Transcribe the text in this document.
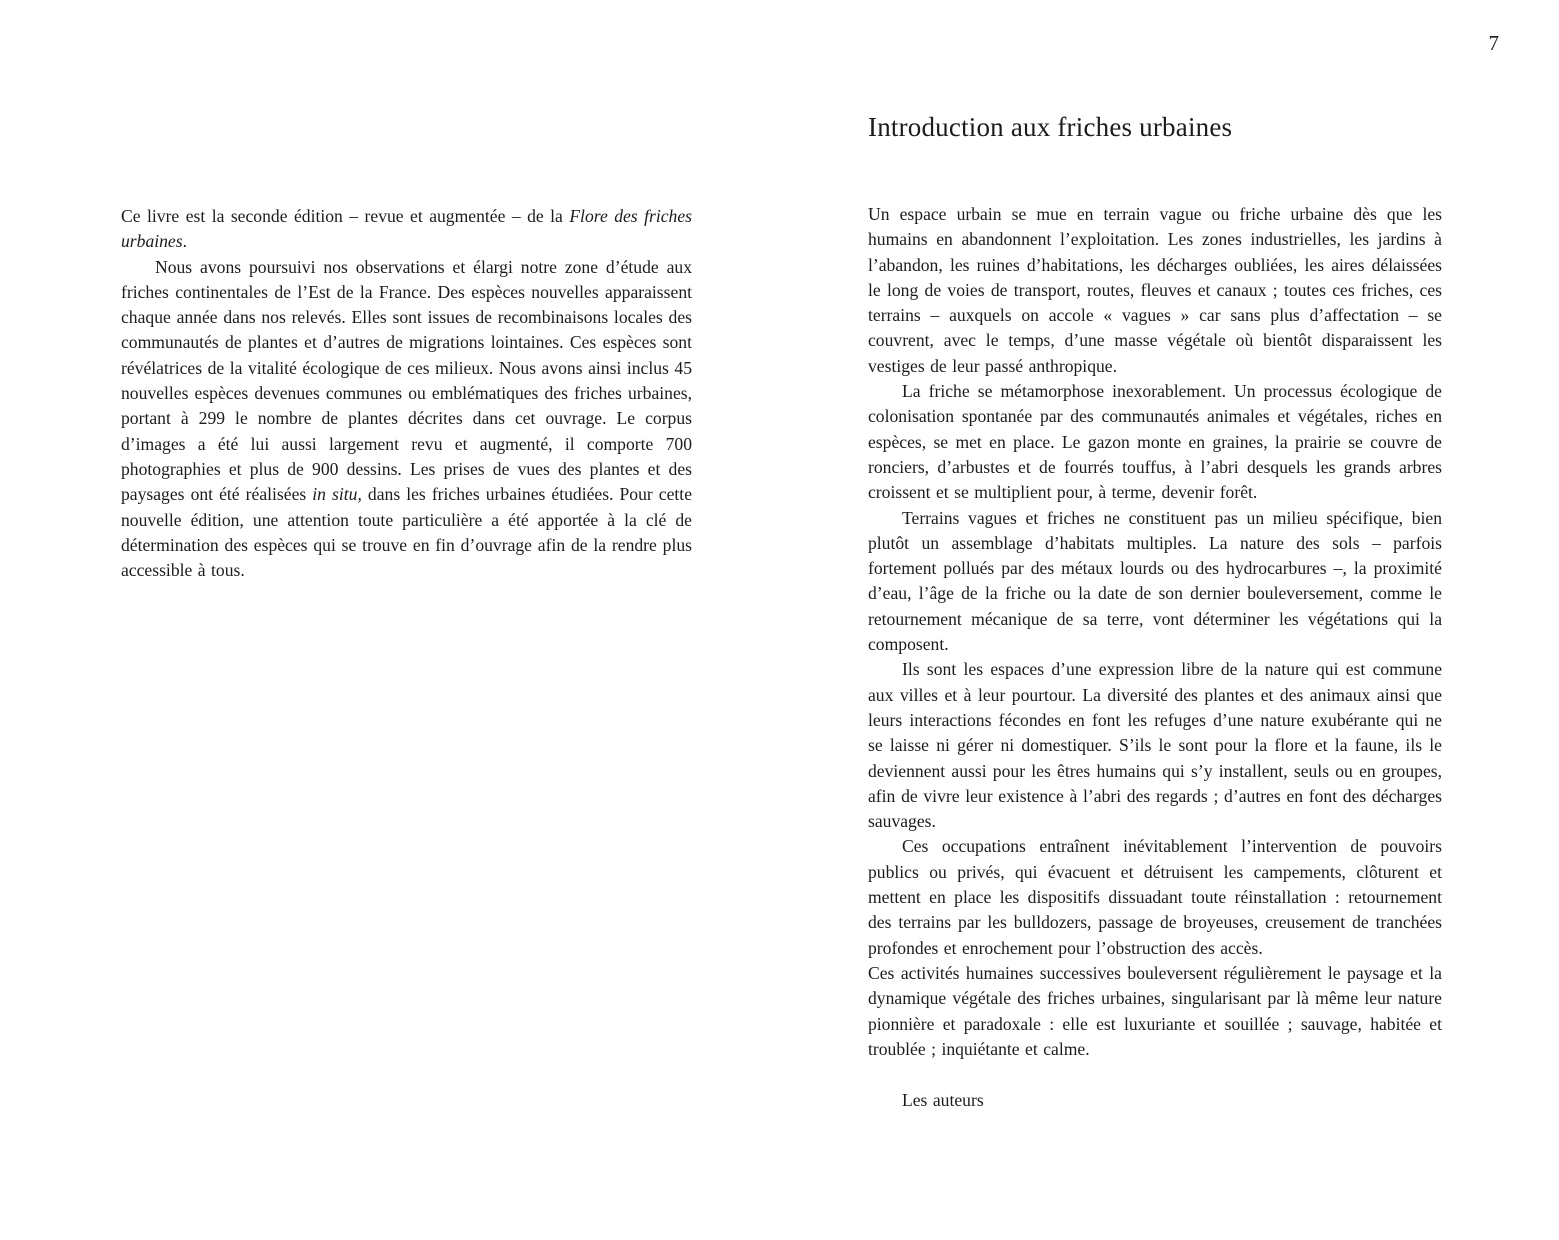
7

Ce livre est la seconde édition – revue et augmentée – de la Flore des friches urbaines.

Nous avons poursuivi nos observations et élargi notre zone d’étude aux friches continentales de l’Est de la France. Des espèces nouvelles apparaissent chaque année dans nos relevés. Elles sont issues de recombinaisons locales des communautés de plantes et d’autres de migrations lointaines. Ces espèces sont révélatrices de la vitalité écologique de ces milieux. Nous avons ainsi inclus 45 nouvelles espèces devenues communes ou emblématiques des friches urbaines, portant à 299 le nombre de plantes décrites dans cet ouvrage. Le corpus d’images a été lui aussi largement revu et augmenté, il comporte 700 photographies et plus de 900 dessins. Les prises de vues des plantes et des paysages ont été réalisées in situ, dans les friches urbaines étudiées. Pour cette nouvelle édition, une attention toute particulière a été apportée à la clé de détermination des espèces qui se trouve en fin d’ouvrage afin de la rendre plus accessible à tous.

Introduction aux friches urbaines

Un espace urbain se mue en terrain vague ou friche urbaine dès que les humains en abandonnent l’exploitation. Les zones industrielles, les jardins à l’abandon, les ruines d’habitations, les décharges oubliées, les aires délaissées le long de voies de transport, routes, fleuves et canaux ; toutes ces friches, ces terrains – auxquels on accole « vagues » car sans plus d’affectation – se couvrent, avec le temps, d’une masse végétale où bientôt disparaissent les vestiges de leur passé anthropique.

La friche se métamorphose inexorablement. Un processus écologique de colonisation spontanée par des communautés animales et végétales, riches en espèces, se met en place. Le gazon monte en graines, la prairie se couvre de ronciers, d’arbustes et de fourrés touffus, à l’abri desquels les grands arbres croissent et se multiplient pour, à terme, devenir forêt.

Terrains vagues et friches ne constituent pas un milieu spécifique, bien plutôt un assemblage d’habitats multiples. La nature des sols – parfois fortement pollués par des métaux lourds ou des hydrocarbures –, la proximité d’eau, l’âge de la friche ou la date de son dernier bouleversement, comme le retournement mécanique de sa terre, vont déterminer les végétations qui la composent.

Ils sont les espaces d’une expression libre de la nature qui est commune aux villes et à leur pourtour. La diversité des plantes et des animaux ainsi que leurs interactions fécondes en font les refuges d’une nature exubérante qui ne se laisse ni gérer ni domestiquer. S’ils le sont pour la flore et la faune, ils le deviennent aussi pour les êtres humains qui s’y installent, seuls ou en groupes, afin de vivre leur existence à l’abri des regards ; d’autres en font des décharges sauvages.

Ces occupations entraînent inévitablement l’intervention de pouvoirs publics ou privés, qui évacuent et détruisent les campements, clôturent et mettent en place les dispositifs dissuadant toute réinstallation : retournement des terrains par les bulldozers, passage de broyeuses, creusement de tranchées profondes et enrochement pour l’obstruction des accès.

Ces activités humaines successives bouleversent régulièrement le paysage et la dynamique végétale des friches urbaines, singularisant par là même leur nature pionnière et paradoxale : elle est luxuriante et souillée ; sauvage, habitée et troublée ; inquiétante et calme.

Les auteurs
